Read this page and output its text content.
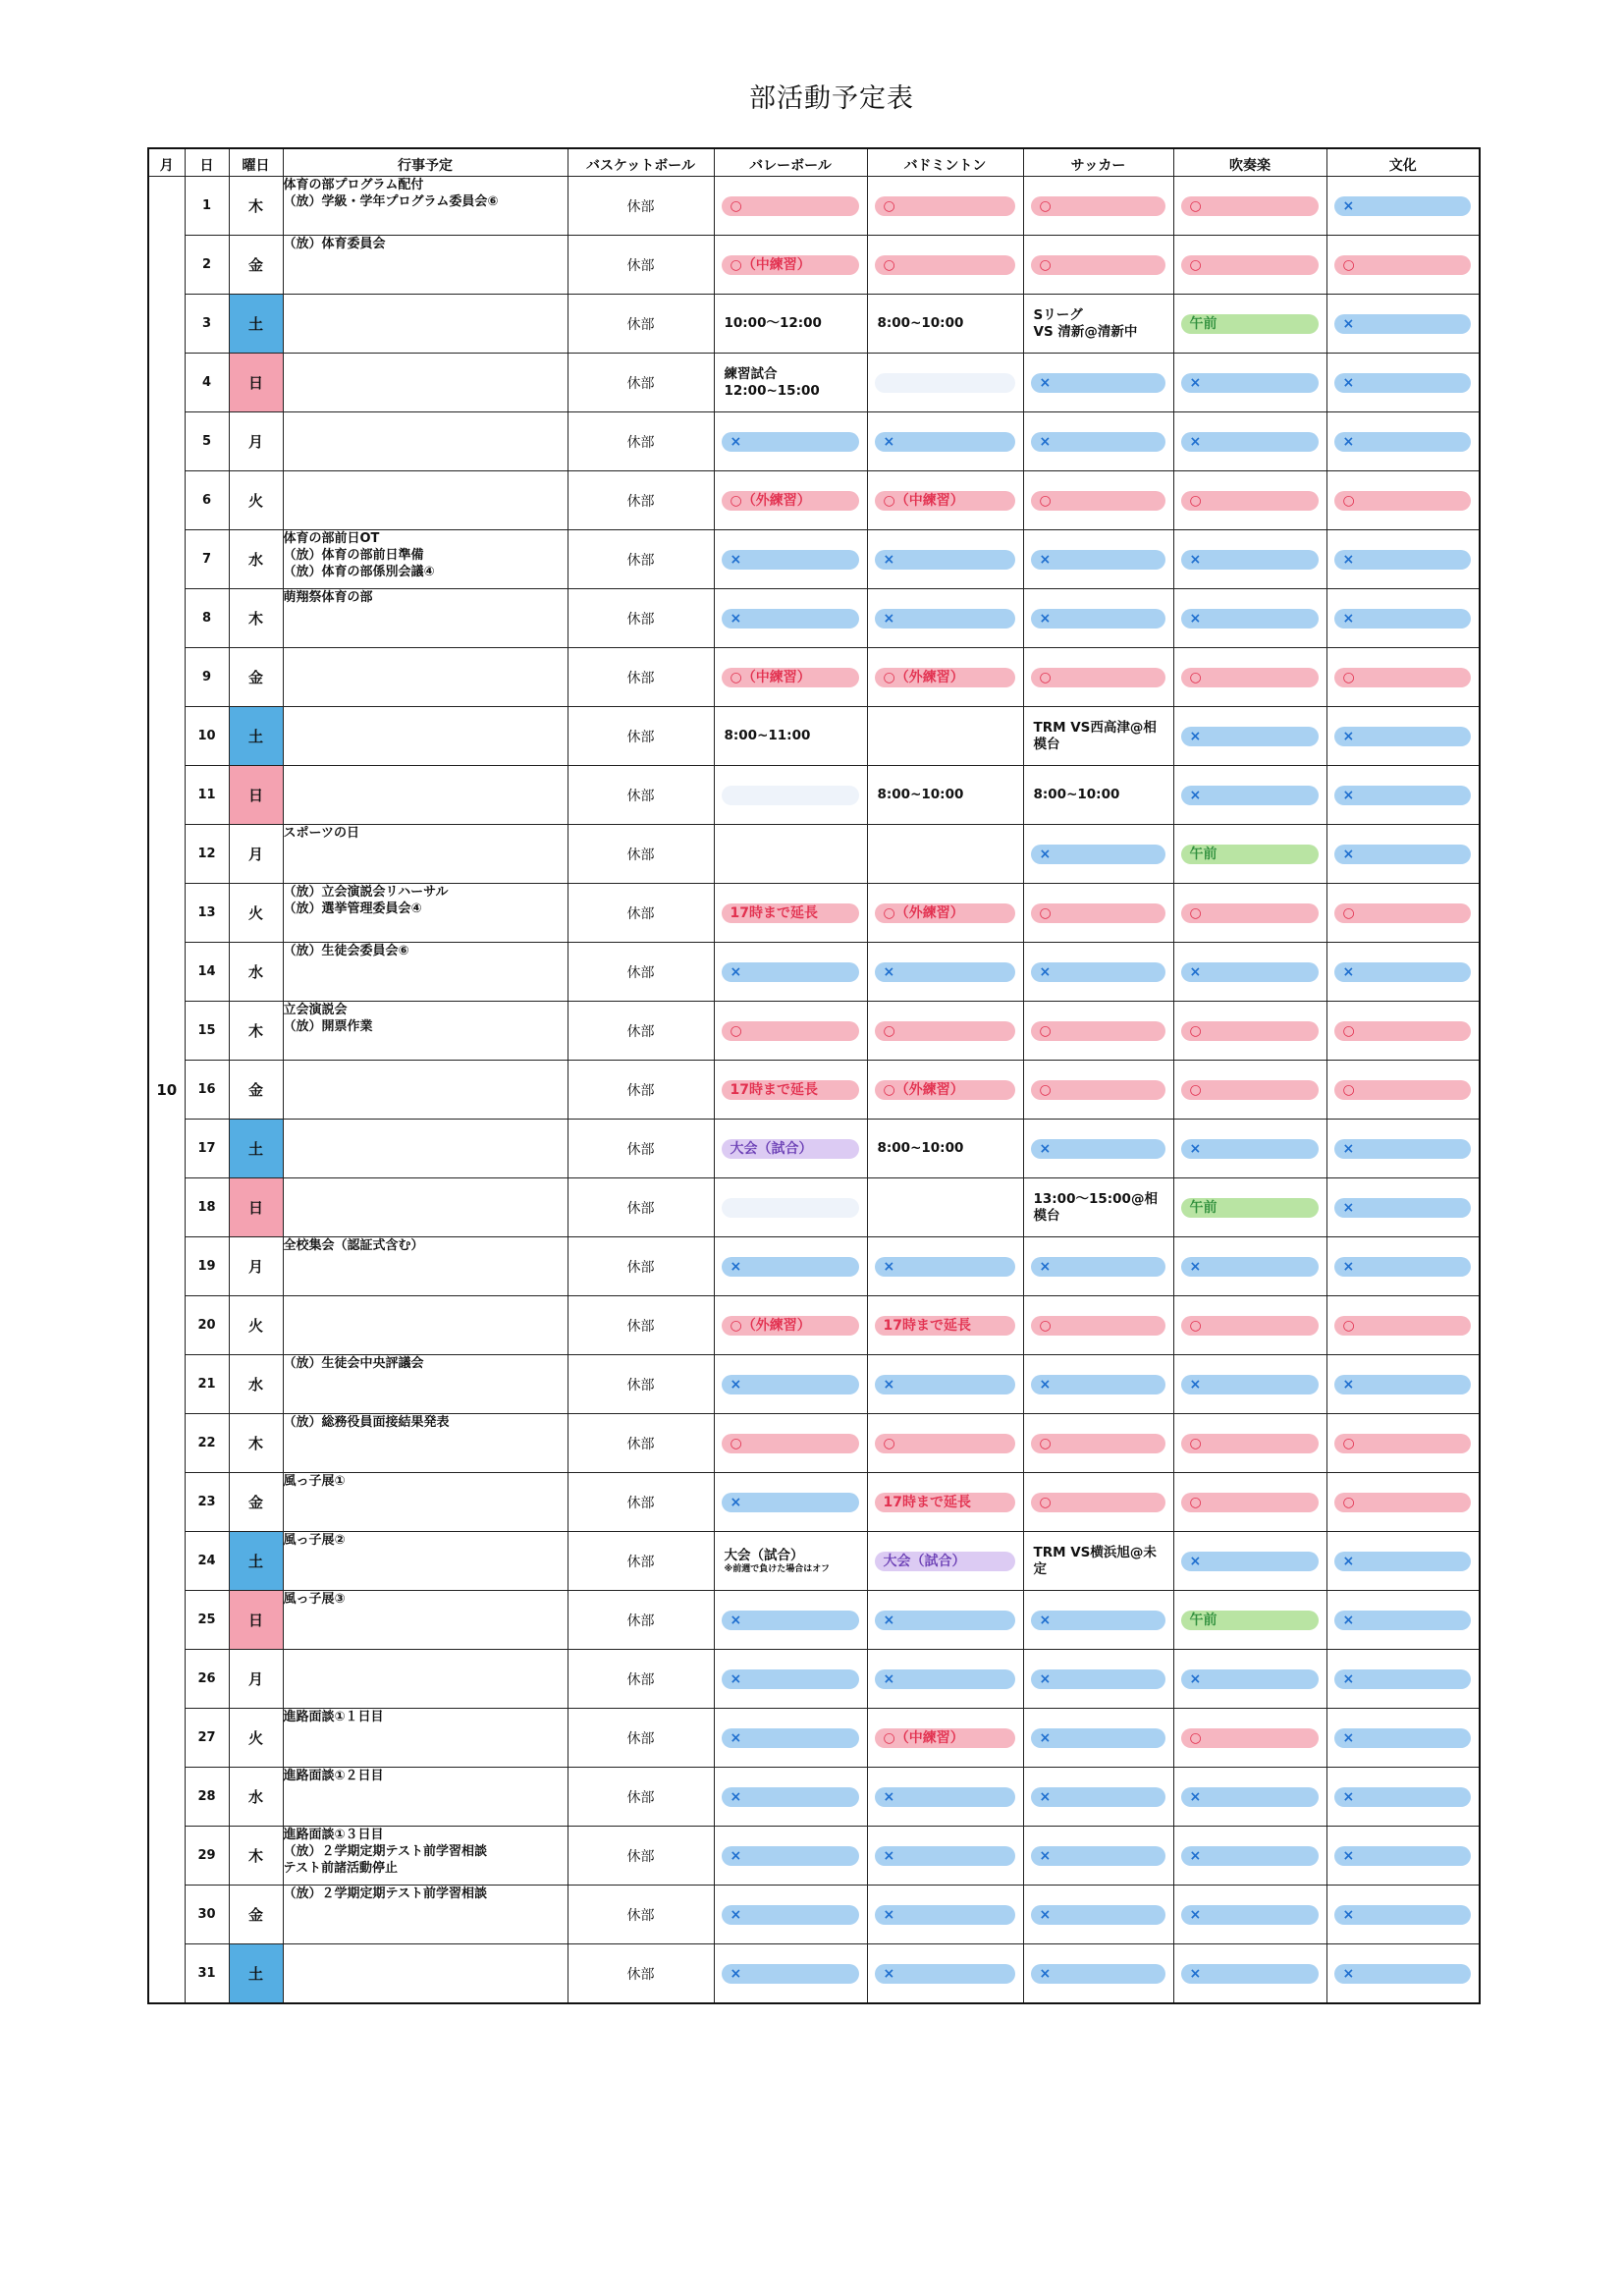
部活動予定表
月	日	曜日	行事予定	バスケットボール	バレーボール	バドミントン	サッカー	吹奏楽	文化
10	1	木	体育の部プログラム配付
（放）学級・学年プログラム委員会⑥	休部	○	○	○	○	×

	2	金	（放）体育委員会	休部	○（中練習）	○	○	○	○

	3	土		休部	10:00～12:00	8:00~10:00	Sリーグ
VS 清新@清新中	午前	×

	4	日		休部	練習試合
12:00~15:00		×	×	×

	5	月		休部	×	×	×	×	×

	6	火		休部	○（外練習）	○（中練習）	○	○	○

	7	水	体育の部前日OT
（放）体育の部前日準備
（放）体育の部係別会議④	休部	×	×	×	×	×

	8	木	萌翔祭体育の部	休部	×	×	×	×	×

	9	金		休部	○（中練習）	○（外練習）	○	○	○

	10	土		休部	8:00~11:00		TRM VS西高津@相模台	×	×

	11	日		休部		8:00~10:00	8:00~10:00	×	×

	12	月	スポーツの日	休部			×	午前	×

	13	火	（放）立会演説会リハーサル
（放）選挙管理委員会④	休部	17時まで延長	○（外練習）	○	○	○

	14	水	（放）生徒会委員会⑥	休部	×	×	×	×	×

	15	木	立会演説会
（放）開票作業	休部	○	○	○	○	○

	16	金		休部	17時まで延長	○（外練習）	○	○	○

	17	土		休部	大会（試合）	8:00~10:00	×	×	×

	18	日		休部			13:00～15:00@相模台	午前	×

	19	月	全校集会（認証式含む）	休部	×	×	×	×	×

	20	火		休部	○（外練習）	17時まで延長	○	○	○

	21	水	（放）生徒会中央評議会	休部	×	×	×	×	×

	22	木	（放）総務役員面接結果発表	休部	○	○	○	○	○

	23	金	風っ子展①	休部	×	17時まで延長	○	○	○

	24	土	風っ子展②	休部	大会（試合）
※前週で負けた場合はオフ	大会（試合）	TRM VS横浜旭@未定	×	×

	25	日	風っ子展③	休部	×	×	×	午前	×

	26	月		休部	×	×	×	×	×

	27	火	進路面談①１日目	休部	×	○（中練習）	×	○	×

	28	水	進路面談①２日目	休部	×	×	×	×	×

	29	木	進路面談①３日目
（放）２学期定期テスト前学習相談
テスト前諸活動停止	休部	×	×	×	×	×

	30	金	（放）２学期定期テスト前学習相談	休部	×	×	×	×	×

	31	土		休部	×	×	×	×	×
